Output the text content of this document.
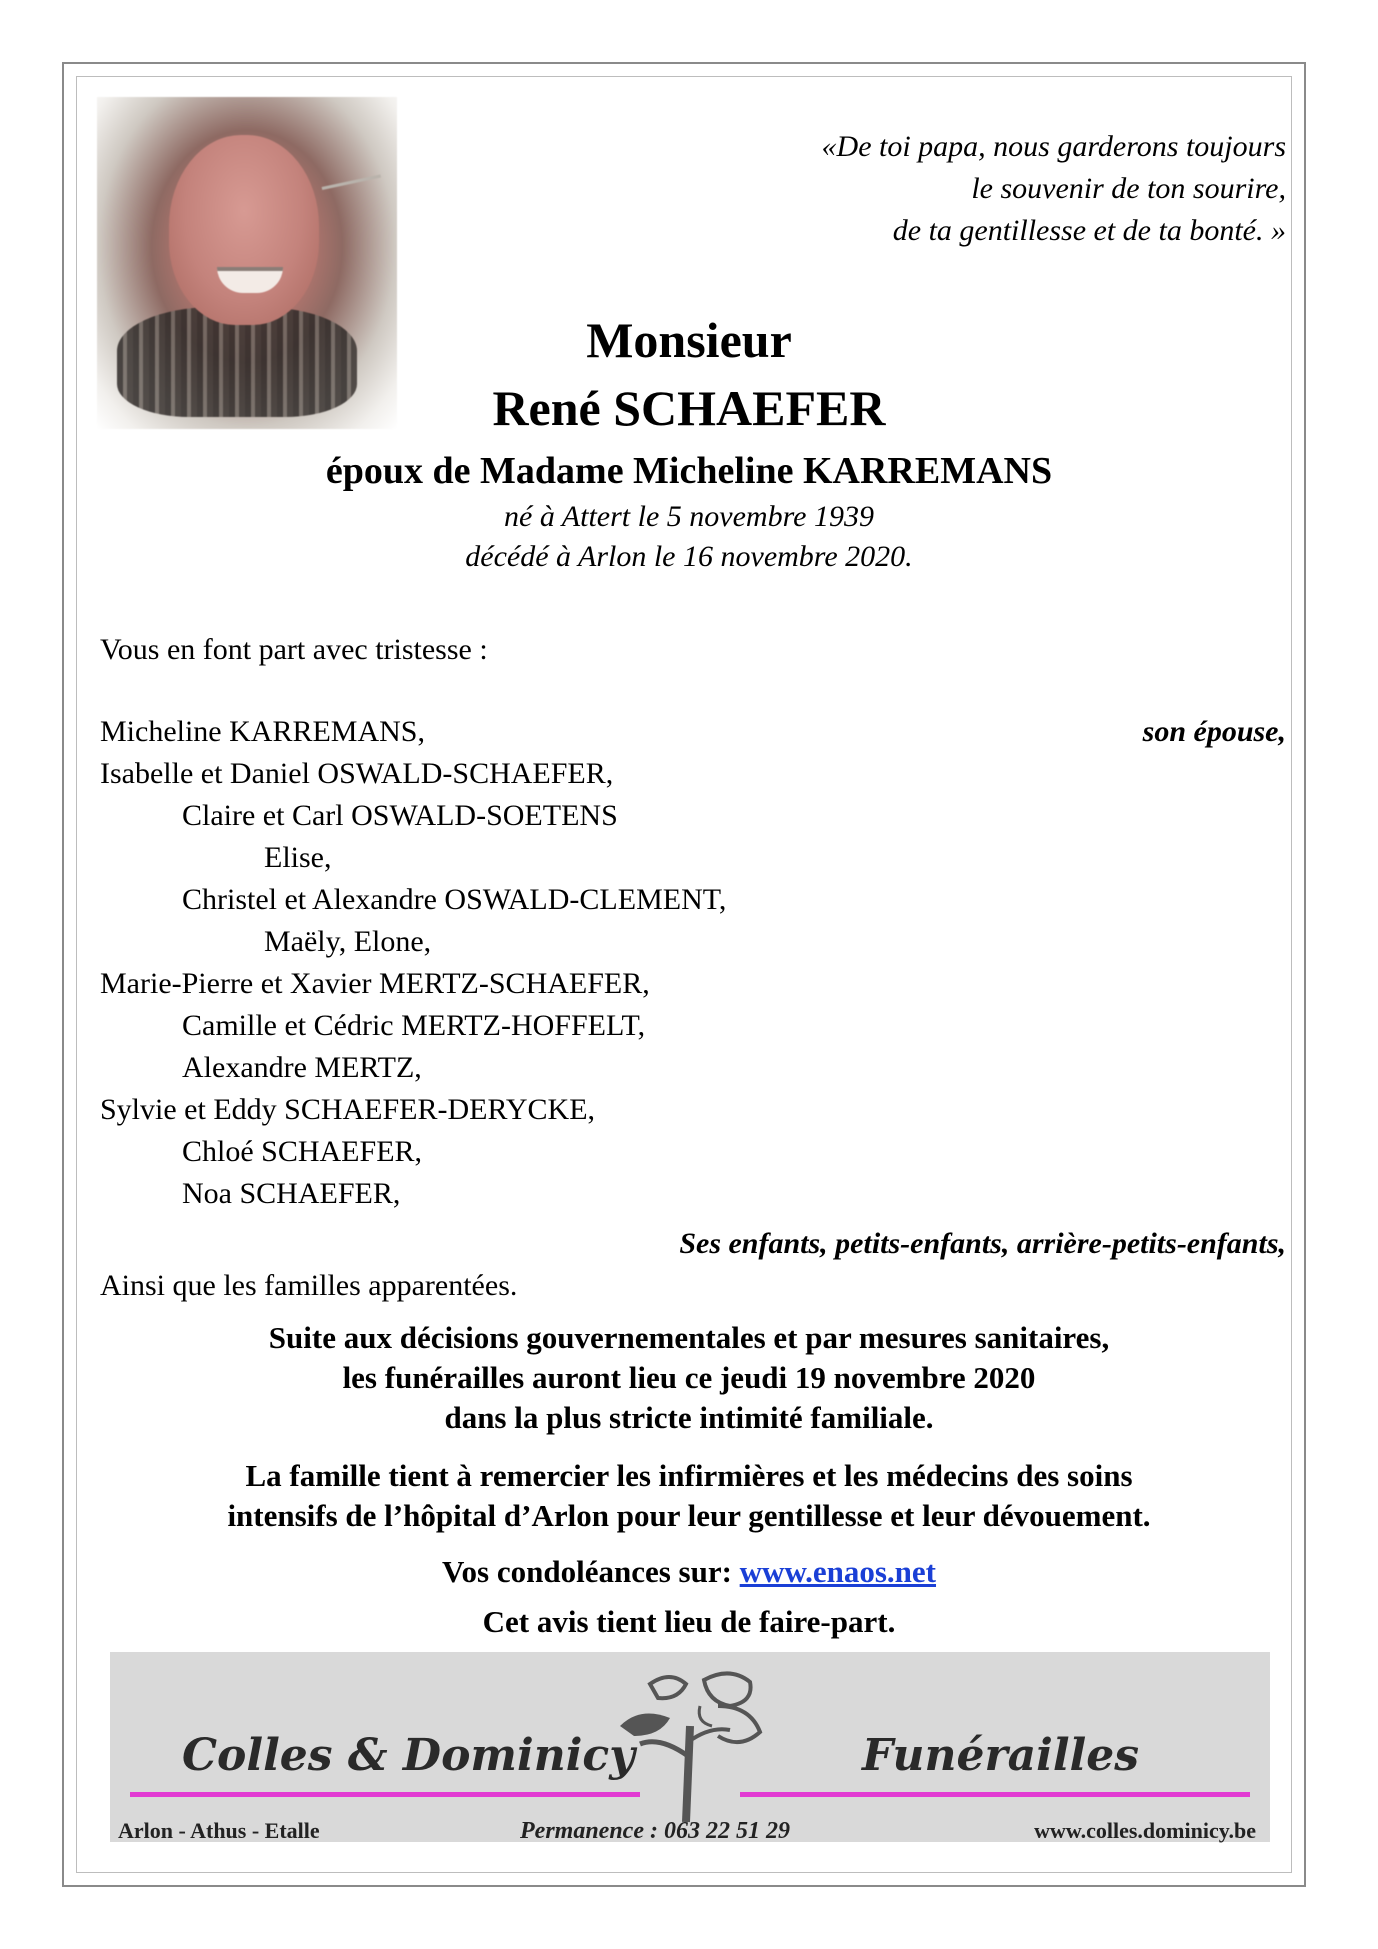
«De toi papa, nous garderons toujours
le souvenir de ton sourire,
de ta gentillesse et de ta bonté. »
Monsieur
René SCHAEFER
époux de Madame Micheline KARREMANS
né à Attert le 5 novembre 1939
décédé à Arlon le 16 novembre 2020.
Vous en font part avec tristesse :
Micheline KARREMANS,	son épouse,
Isabelle et Daniel OSWALD-SCHAEFER,
Claire et Carl OSWALD-SOETENS
Elise,
Christel et Alexandre OSWALD-CLEMENT,
Maëly, Elone,
Marie-Pierre et Xavier MERTZ-SCHAEFER,
Camille et Cédric MERTZ-HOFFELT,
Alexandre MERTZ,
Sylvie et Eddy SCHAEFER-DERYCKE,
Chloé SCHAEFER,
Noa SCHAEFER,
Ses enfants, petits-enfants, arrière-petits-enfants,
Ainsi que les familles apparentées.
Suite aux décisions gouvernementales et par mesures sanitaires,
les funérailles auront lieu ce jeudi 19 novembre 2020
dans la plus stricte intimité familiale.
La famille tient à remercier les infirmières et les médecins des soins
intensifs de l’hôpital d’Arlon pour leur gentillesse et leur dévouement.
Vos condoléances sur: www.enaos.net
Cet avis tient lieu de faire-part.
Colles & Dominicy	Funérailles
Arlon - Athus - Etalle	Permanence : 063 22 51 29	www.colles.dominicy.be
